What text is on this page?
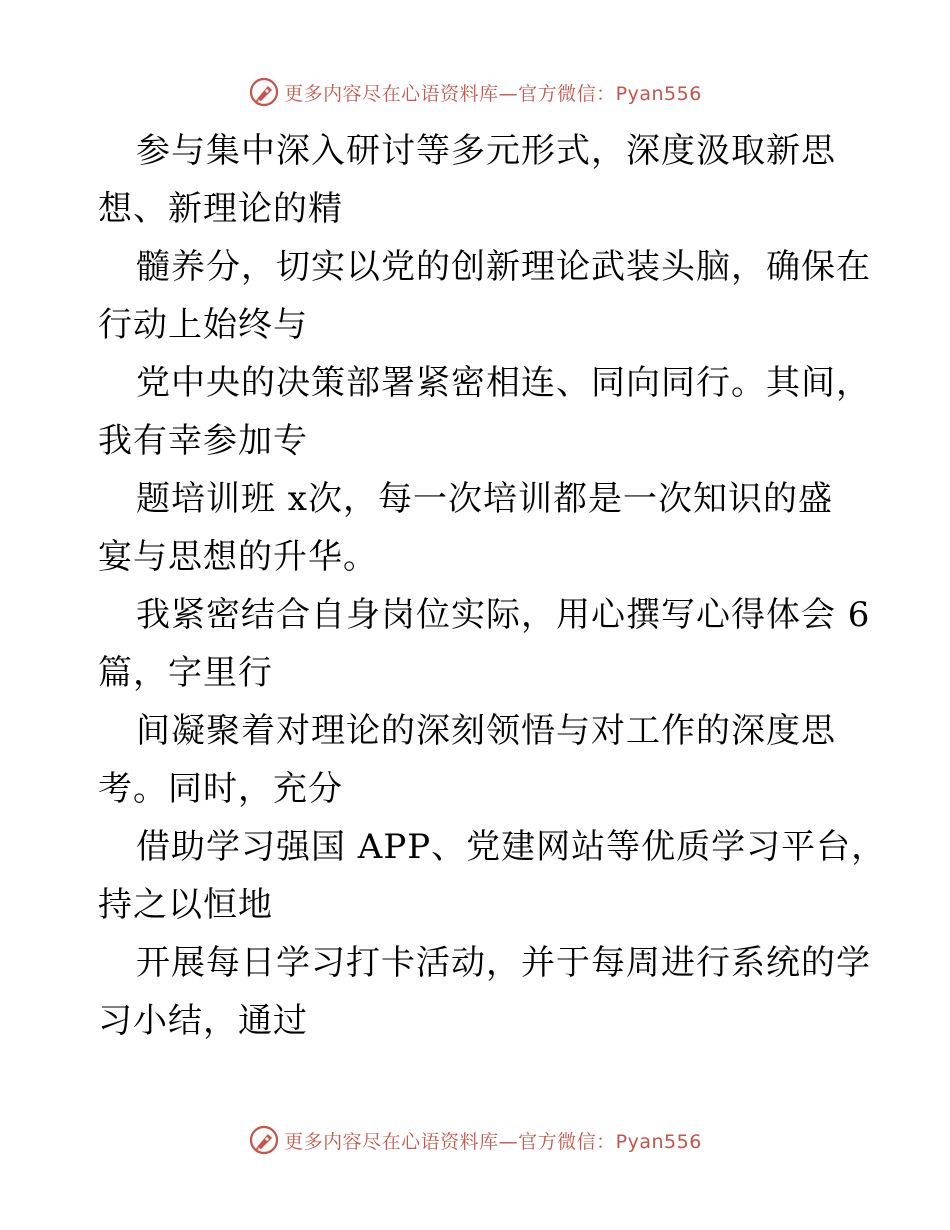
更多内容尽在心语资料库—官方微信：Pyan556
参与集中深入研讨等多元形式，深度汲取新思
想、新理论的精
髓养分，切实以党的创新理论武装头脑，确保在
行动上始终与
党中央的决策部署紧密相连、同向同行。其间，
我有幸参加专
题培训班 x次，每一次培训都是一次知识的盛
宴与思想的升华。
我紧密结合自身岗位实际，用心撰写心得体会 6
篇，字里行
间凝聚着对理论的深刻领悟与对工作的深度思
考。同时，充分
借助学习强国 APP、党建网站等优质学习平台，
持之以恒地
开展每日学习打卡活动，并于每周进行系统的学
习小结，通过
更多内容尽在心语资料库—官方微信：Pyan556
